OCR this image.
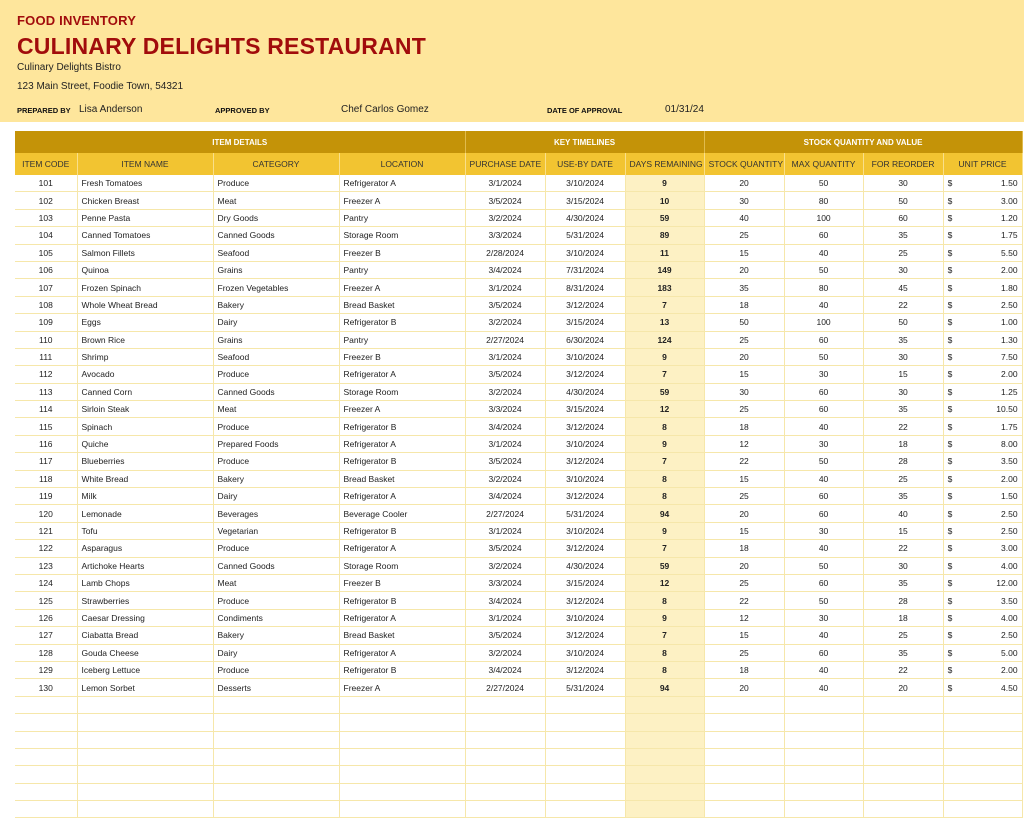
FOOD INVENTORY
CULINARY DELIGHTS RESTAURANT
Culinary Delights Bistro
123 Main Street, Foodie Town, 54321
PREPARED BY Lisa Anderson	APPROVED BY	Chef Carlos Gomez	DATE OF APPROVAL	01/31/24
ITEM DETAILS				KEY TIMELINES			STOCK QUANTITY AND VALUE			
ITEM CODE	ITEM NAME	CATEGORY	LOCATION	PURCHASE DATE	USE-BY DATE	DAYS REMAINING	STOCK QUANTITY	MAX QUANTITY	FOR REORDER	UNIT PRICE
101	Fresh Tomatoes	Produce	Refrigerator A	3/1/2024	3/10/2024	9	20	50	30	$ 1.50
102	Chicken Breast	Meat	Freezer A	3/5/2024	3/15/2024	10	30	80	50	$ 3.00
103	Penne Pasta	Dry Goods	Pantry	3/2/2024	4/30/2024	59	40	100	60	$ 1.20
104	Canned Tomatoes	Canned Goods	Storage Room	3/3/2024	5/31/2024	89	25	60	35	$ 1.75
105	Salmon Fillets	Seafood	Freezer B	2/28/2024	3/10/2024	11	15	40	25	$ 5.50
106	Quinoa	Grains	Pantry	3/4/2024	7/31/2024	149	20	50	30	$ 2.00
107	Frozen Spinach	Frozen Vegetables	Freezer A	3/1/2024	8/31/2024	183	35	80	45	$ 1.80
108	Whole Wheat Bread	Bakery	Bread Basket	3/5/2024	3/12/2024	7	18	40	22	$ 2.50
109	Eggs	Dairy	Refrigerator B	3/2/2024	3/15/2024	13	50	100	50	$ 1.00
110	Brown Rice	Grains	Pantry	2/27/2024	6/30/2024	124	25	60	35	$ 1.30
111	Shrimp	Seafood	Freezer B	3/1/2024	3/10/2024	9	20	50	30	$ 7.50
112	Avocado	Produce	Refrigerator A	3/5/2024	3/12/2024	7	15	30	15	$ 2.00
113	Canned Corn	Canned Goods	Storage Room	3/2/2024	4/30/2024	59	30	60	30	$ 1.25
114	Sirloin Steak	Meat	Freezer A	3/3/2024	3/15/2024	12	25	60	35	$ 10.50
115	Spinach	Produce	Refrigerator B	3/4/2024	3/12/2024	8	18	40	22	$ 1.75
116	Quiche	Prepared Foods	Refrigerator A	3/1/2024	3/10/2024	9	12	30	18	$ 8.00
117	Blueberries	Produce	Refrigerator B	3/5/2024	3/12/2024	7	22	50	28	$ 3.50
118	White Bread	Bakery	Bread Basket	3/2/2024	3/10/2024	8	15	40	25	$ 2.00
119	Milk	Dairy	Refrigerator A	3/4/2024	3/12/2024	8	25	60	35	$ 1.50
120	Lemonade	Beverages	Beverage Cooler	2/27/2024	5/31/2024	94	20	60	40	$ 2.50
121	Tofu	Vegetarian	Refrigerator B	3/1/2024	3/10/2024	9	15	30	15	$ 2.50
122	Asparagus	Produce	Refrigerator A	3/5/2024	3/12/2024	7	18	40	22	$ 3.00
123	Artichoke Hearts	Canned Goods	Storage Room	3/2/2024	4/30/2024	59	20	50	30	$ 4.00
124	Lamb Chops	Meat	Freezer B	3/3/2024	3/15/2024	12	25	60	35	$ 12.00
125	Strawberries	Produce	Refrigerator B	3/4/2024	3/12/2024	8	22	50	28	$ 3.50
126	Caesar Dressing	Condiments	Refrigerator A	3/1/2024	3/10/2024	9	12	30	18	$ 4.00
127	Ciabatta Bread	Bakery	Bread Basket	3/5/2024	3/12/2024	7	15	40	25	$ 2.50
128	Gouda Cheese	Dairy	Refrigerator A	3/2/2024	3/10/2024	8	25	60	35	$ 5.00
129	Iceberg Lettuce	Produce	Refrigerator B	3/4/2024	3/12/2024	8	18	40	22	$ 2.00
130	Lemon Sorbet	Desserts	Freezer A	2/27/2024	5/31/2024	94	20	40	20	$ 4.50
